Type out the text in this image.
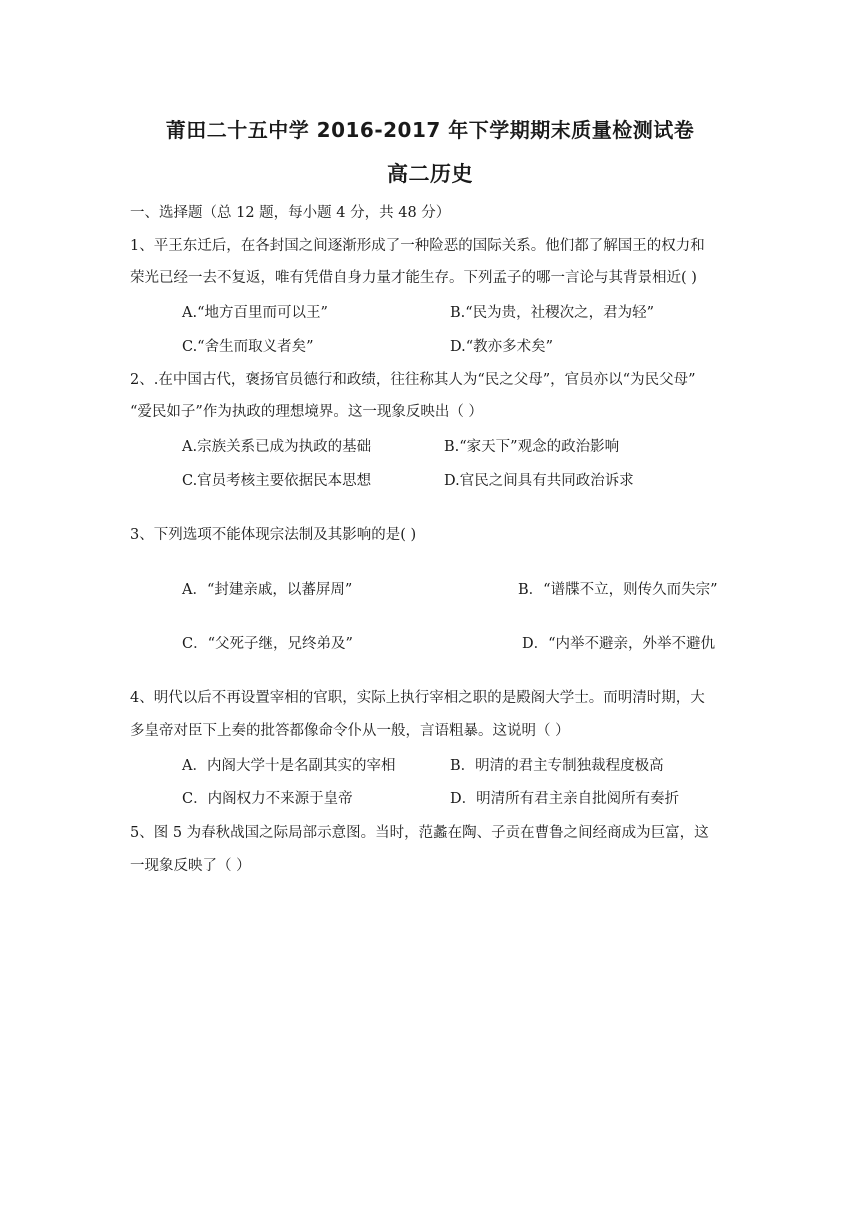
莆田二十五中学 2016-2017 年下学期期末质量检测试卷
高二历史
一、选择题（总 12 题，每小题 4 分，共 48 分）
1、平王东迁后，在各封国之间逐渐形成了一种险恶的国际关系。他们都了解国王的权力和
荣光已经一去不复返，唯有凭借自身力量才能生存。下列孟子的哪一言论与其背景相近( )
A.“地方百里而可以王”	B.“民为贵，社稷次之，君为轻”
C.“舍生而取义者矣”	D.“教亦多术矣”
2、.在中国古代，褒扬官员德行和政绩，往往称其人为“民之父母”，官员亦以“为民父母”
“爱民如子”作为执政的理想境界。这一现象反映出（ ）
A.宗族关系已成为执政的基础	B.“家天下”观念的政治影响
C.官员考核主要依据民本思想	D.官民之间具有共同政治诉求
3、下列选项不能体现宗法制及其影响的是( )
A．“封建亲戚，以蕃屏周”	B．“谱牒不立，则传久而失宗”
C．“父死子继，兄终弟及”	D．“内举不避亲，外举不避仇
4、明代以后不再设置宰相的官职，实际上执行宰相之职的是殿阁大学士。而明清时期，大
多皇帝对臣下上奏的批答都像命令仆从一般，言语粗暴。这说明（ ）
A．内阁大学十是名副其实的宰相	B．明清的君主专制独裁程度极高
C．内阁权力不来源于皇帝	D．明清所有君主亲自批阅所有奏折
5、图 5 为春秋战国之际局部示意图。当时，范蠡在陶、子贡在曹鲁之间经商成为巨富，这
一现象反映了（ ）
